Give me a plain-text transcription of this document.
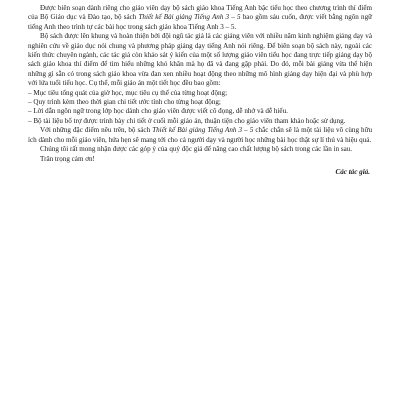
Được biên soạn dành riêng cho giáo viên dạy bộ sách giáo khoa Tiếng Anh bậc tiểu học theo chương trình thí điểm của Bộ Giáo dục và Đào tạo, bộ sách Thiết kế Bài giảng Tiếng Anh 3 – 5 bao gồm sáu cuốn, được viết bằng ngôn ngữ tiếng Anh theo trình tự các bài học trong sách giáo khoa Tiếng Anh 3 – 5.

Bộ sách được lên khung và hoàn thiện bởi đội ngũ tác giả là các giảng viên với nhiều năm kinh nghiệm giảng dạy và nghiên cứu về giáo dục nói chung và phương pháp giảng dạy tiếng Anh nói riêng. Để biên soạn bộ sách này, ngoài các kiến thức chuyên ngành, các tác giả còn khảo sát ý kiến của một số lượng giáo viên tiểu học đang trực tiếp giảng dạy bộ sách giáo khoa thí điểm để tìm hiểu những khó khăn mà họ đã và đang gặp phải. Do đó, mỗi bài giảng vừa thể hiện những gì sẵn có trong sách giáo khoa vừa đan xen nhiều hoạt động theo những mô hình giảng dạy hiện đại và phù hợp với lứa tuổi tiểu học. Cụ thể, mỗi giáo án một tiết học đều bao gồm:

– Mục tiêu tổng quát của giờ học, mục tiêu cụ thể của từng hoạt động;

– Quy trình kèm theo thời gian chi tiết ước tính cho từng hoạt động;

– Lời dẫn ngôn ngữ trong lớp học dành cho giáo viên được viết cô đọng, dễ nhớ và dễ hiểu.

– Bộ tài liệu bổ trợ được trình bày chi tiết ở cuối mỗi giáo án, thuận tiện cho giáo viên tham khảo hoặc sử dụng.

Với những đặc điểm nêu trên, bộ sách Thiết kế Bài giảng Tiếng Anh 3 – 5 chắc chắn sẽ là một tài liệu vô cùng hữu ích dành cho mỗi giáo viên, hứa hẹn sẽ mang tới cho cả người dạy và người học những bài học thật sự lí thú và hiệu quả.

Chúng tôi rất mong nhận được các góp ý của quý độc giả để nâng cao chất lượng bộ sách trong các lần in sau.

Trân trọng cảm ơn!

Các tác giả.
